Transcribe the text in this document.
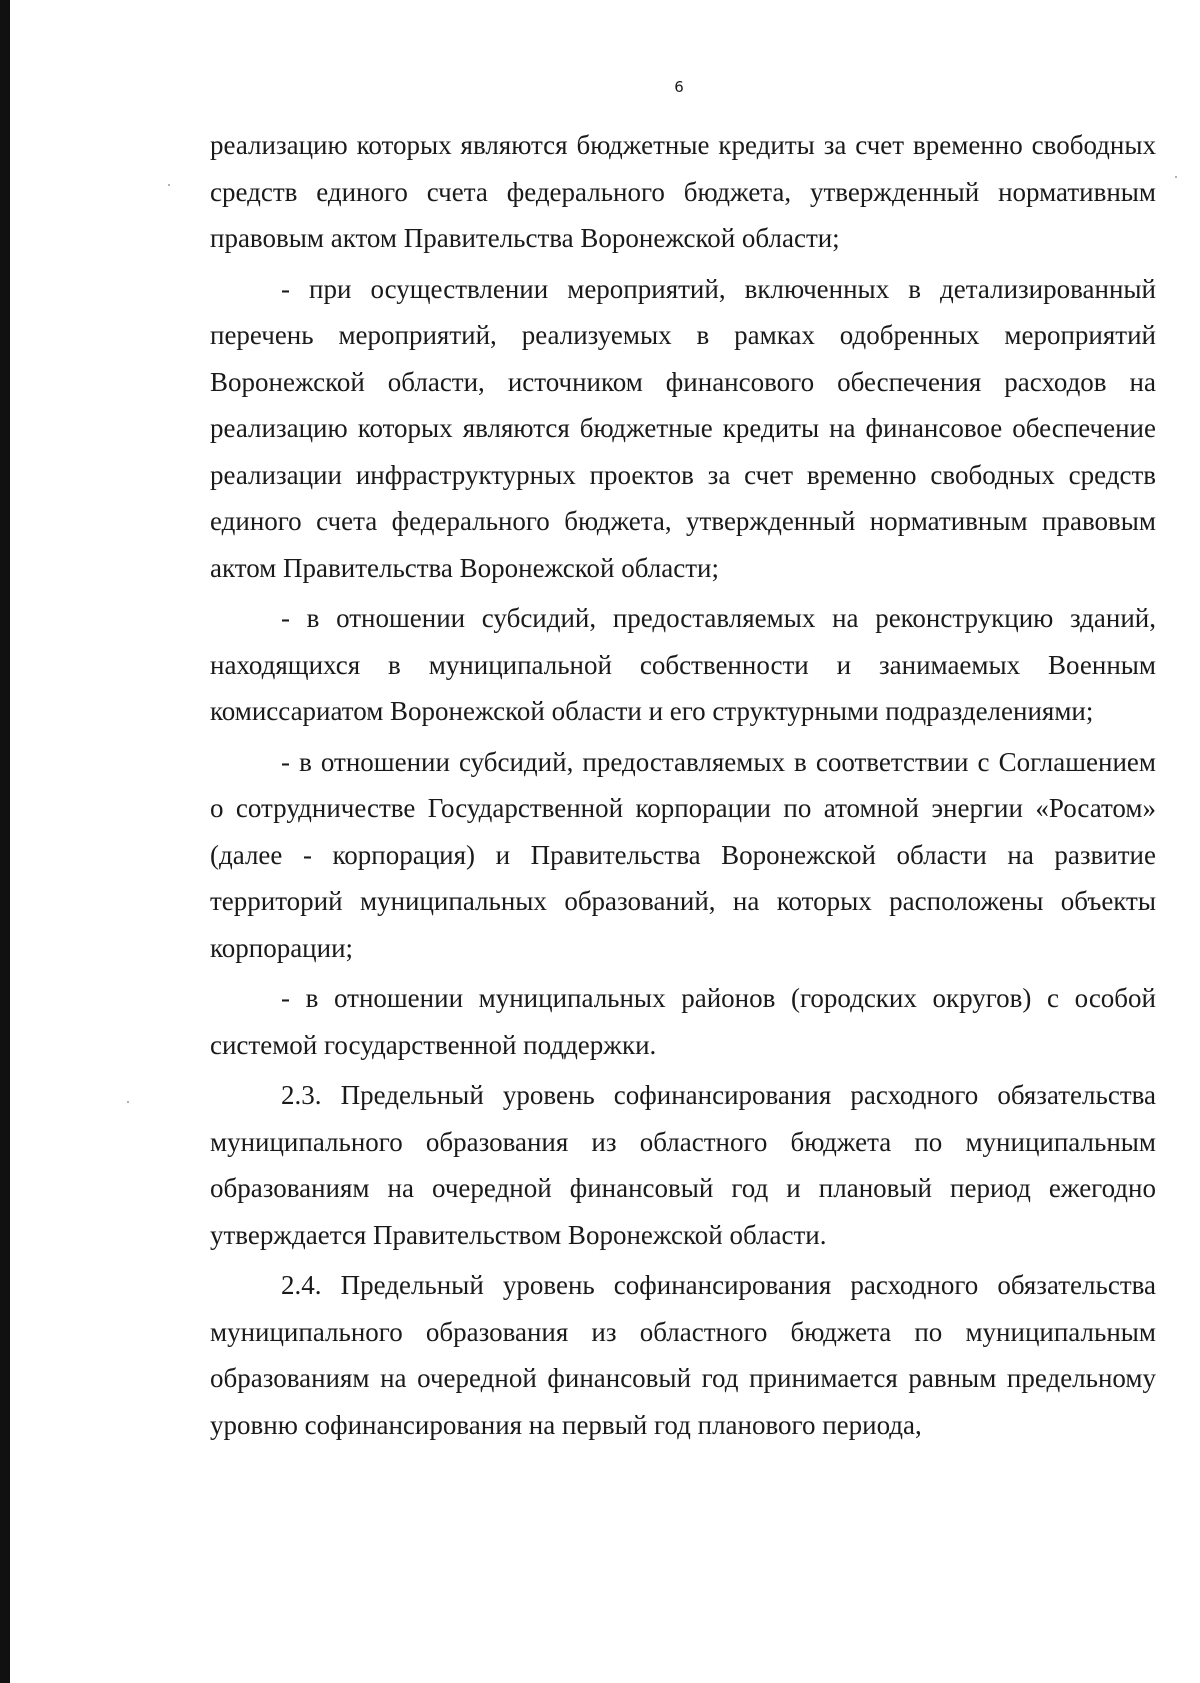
6

реализацию которых являются бюджетные кредиты за счет временно свободных средств единого счета федерального бюджета, утвержденный нормативным правовым актом Правительства Воронежской области;

- при осуществлении мероприятий, включенных в детализированный перечень мероприятий, реализуемых в рамках одобренных мероприятий Воронежской области, источником финансового обеспечения расходов на реализацию которых являются бюджетные кредиты на финансовое обеспечение реализации инфраструктурных проектов за счет временно свободных средств единого счета федерального бюджета, утвержденный нормативным правовым актом Правительства Воронежской области;

- в отношении субсидий, предоставляемых на реконструкцию зданий, находящихся в муниципальной собственности и занимаемых Военным комиссариатом Воронежской области и его структурными подразделениями;

- в отношении субсидий, предоставляемых в соответствии с Соглашением о сотрудничестве Государственной корпорации по атомной энергии «Росатом» (далее - корпорация) и Правительства Воронежской области на развитие территорий муниципальных образований, на которых расположены объекты корпорации;

- в отношении муниципальных районов (городских округов) с особой системой государственной поддержки.

2.3. Предельный уровень софинансирования расходного обязательства муниципального образования из областного бюджета по муниципальным образованиям на очередной финансовый год и плановый период ежегодно утверждается Правительством Воронежской области.

2.4. Предельный уровень софинансирования расходного обязательства муниципального образования из областного бюджета по муниципальным образованиям на очередной финансовый год принимается равным предельному уровню софинансирования на первый год планового периода,
